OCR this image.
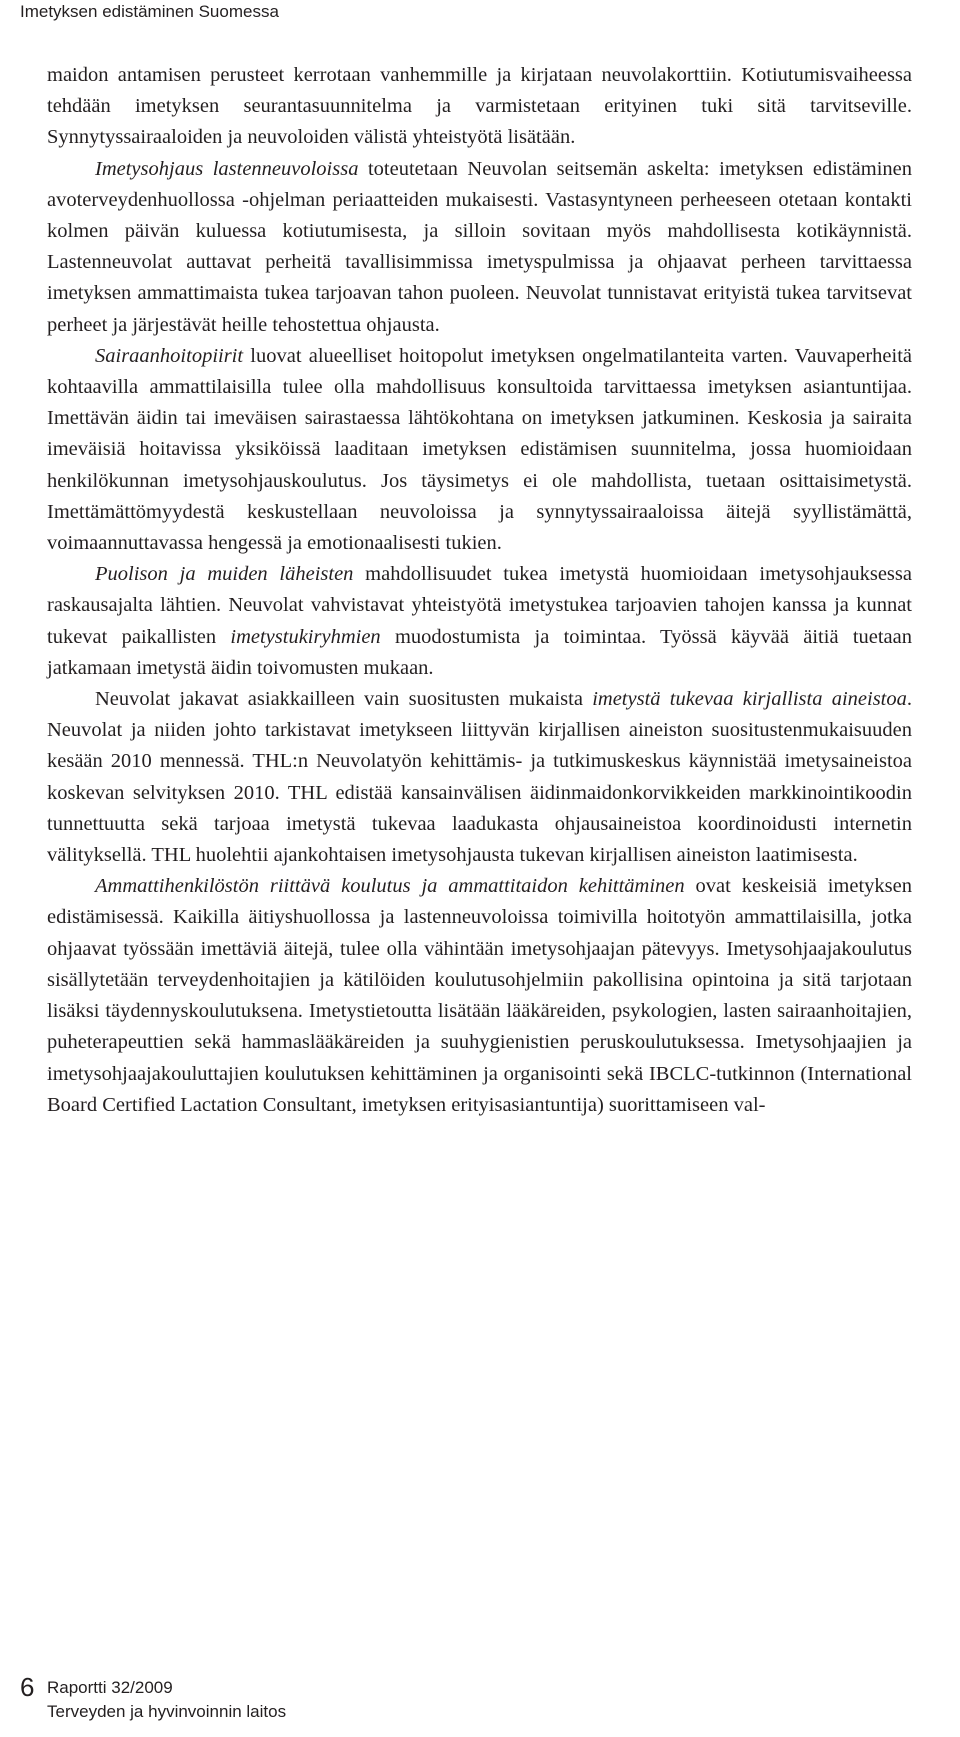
Imetyksen edistäminen Suomessa

maidon antamisen perusteet kerrotaan vanhemmille ja kirjataan neuvolakorttiin. Kotiutumisvaiheessa tehdään imetyksen seurantasuunnitelma ja varmistetaan erityinen tuki sitä tarvitseville. Synnytyssairaaloiden ja neuvoloiden välistä yhteistyötä lisätään.

Imetysohjaus lastenneuvoloissa toteutetaan Neuvolan seitsemän askelta: imetyksen edistäminen avoterveydenhuollossa -ohjelman periaatteiden mukaisesti. Vastasyntyneen perheeseen otetaan kontakti kolmen päivän kuluessa kotiutumisesta, ja silloin sovitaan myös mahdollisesta kotikäynnistä. Lastenneuvolat auttavat perheitä tavallisimmissa imetyspulmissa ja ohjaavat perheen tarvittaessa imetyksen ammattimaista tukea tarjoavan tahon puoleen. Neuvolat tunnistavat erityistä tukea tarvitsevat perheet ja järjestävät heille tehostettua ohjausta.

Sairaanhoitopiirit luovat alueelliset hoitopolut imetyksen ongelmatilanteita varten. Vauvaperheitä kohtaavilla ammattilaisilla tulee olla mahdollisuus konsultoida tarvittaessa imetyksen asiantuntijaa. Imettävän äidin tai imeväisen sairastaessa lähtökohtana on imetyksen jatkuminen. Keskosia ja sairaita imeväisiä hoitavissa yksiköissä laaditaan imetyksen edistämisen suunnitelma, jossa huomioidaan henkilökunnan imetysohjauskoulutus. Jos täysimetys ei ole mahdollista, tuetaan osittaisimetystä. Imettämättömyydestä keskustellaan neuvoloissa ja synnytyssairaaloissa äitejä syyllistämättä, voimaannuttavassa hengessä ja emotionaalisesti tukien.

Puolison ja muiden läheisten mahdollisuudet tukea imetystä huomioidaan imetysohjauksessa raskausajalta lähtien. Neuvolat vahvistavat yhteistyötä imetystukea tarjoavien tahojen kanssa ja kunnat tukevat paikallisten imetystukiryhmien muodostumista ja toimintaa. Työssä käyvää äitiä tuetaan jatkamaan imetystä äidin toivomusten mukaan.

Neuvolat jakavat asiakkailleen vain suositusten mukaista imetystä tukevaa kirjallista aineistoa. Neuvolat ja niiden johto tarkistavat imetykseen liittyvän kirjallisen aineiston suositustenmukaisuuden kesään 2010 mennessä. THL:n Neuvolatyön kehittämis- ja tutkimuskeskus käynnistää imetysaineistoa koskevan selvityksen 2010. THL edistää kansainvälisen äidinmaidonkorvikkeiden markkinointikoodin tunnettuutta sekä tarjoaa imetystä tukevaa laadukasta ohjausaineistoa koordinoidusti internetin välityksellä. THL huolehtii ajankohtaisen imetysohjausta tukevan kirjallisen aineiston laatimisesta.

Ammattihenkilöstön riittävä koulutus ja ammattitaidon kehittäminen ovat keskeisiä imetyksen edistämisessä. Kaikilla äitiyshuollossa ja lastenneuvoloissa toimivilla hoitotyön ammattilaisilla, jotka ohjaavat työssään imettäviä äitejä, tulee olla vähintään imetysohjaajan pätevyys. Imetysohjaajakoulutus sisällytetään terveydenhoitajien ja kätilöiden koulutusohjelmiin pakollisina opintoina ja sitä tarjotaan lisäksi täydennyskoulutuksena. Imetystietoutta lisätään lääkäreiden, psykologien, lasten sairaanhoitajien, puheterapeuttien sekä hammaslääkäreiden ja suuhygienistien peruskoulutuksessa. Imetysohjaajien ja imetysohjaajakouluttajien koulutuksen kehittäminen ja organisointi sekä IBCLC-tutkinnon (International Board Certified Lactation Consultant, imetyksen erityisasiantuntija) suorittamiseen val-

6 Raportti 32/2009
Terveyden ja hyvinvoinnin laitos
